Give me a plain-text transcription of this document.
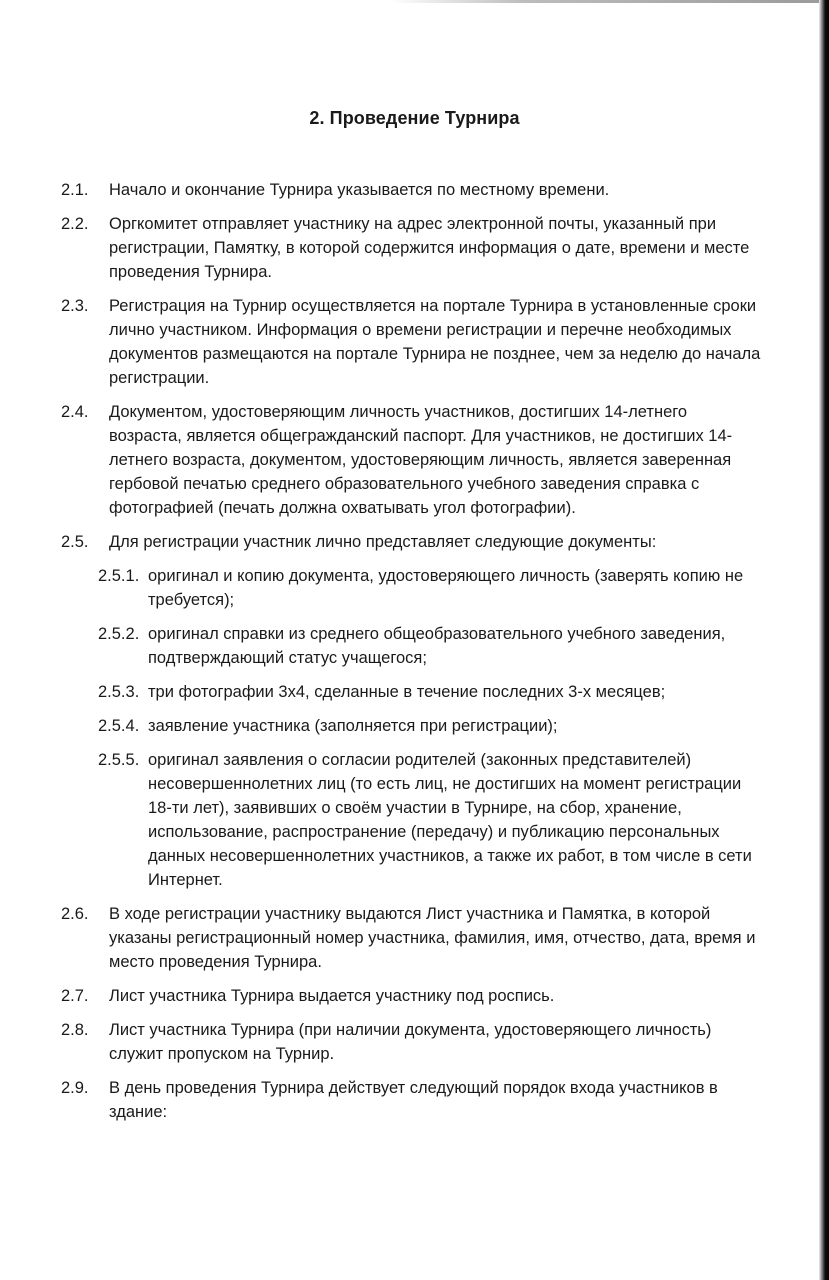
2. Проведение Турнира
2.1. Начало и окончание Турнира указывается по местному времени.
2.2. Оргкомитет отправляет участнику на адрес электронной почты, указанный при регистрации, Памятку, в которой содержится информация о дате, времени и месте проведения Турнира.
2.3. Регистрация на Турнир осуществляется на портале Турнира в установленные сроки лично участником. Информация о времени регистрации и перечне необходимых документов размещаются на портале Турнира не позднее, чем за неделю до начала регистрации.
2.4. Документом, удостоверяющим личность участников, достигших 14-летнего возраста, является общегражданский паспорт. Для участников, не достигших 14-летнего возраста, документом, удостоверяющим личность, является заверенная гербовой печатью среднего образовательного учебного заведения справка с фотографией (печать должна охватывать угол фотографии).
2.5. Для регистрации участник лично представляет следующие документы:
2.5.1. оригинал и копию документа, удостоверяющего личность (заверять копию не требуется);
2.5.2. оригинал справки из среднего общеобразовательного учебного заведения, подтверждающий статус учащегося;
2.5.3. три фотографии 3х4, сделанные в течение последних 3-х месяцев;
2.5.4. заявление участника (заполняется при регистрации);
2.5.5. оригинал заявления о согласии родителей (законных представителей) несовершеннолетних лиц (то есть лиц, не достигших на момент регистрации 18-ти лет), заявивших о своём участии в Турнире, на сбор, хранение, использование, распространение (передачу) и публикацию персональных данных несовершеннолетних участников, а также их работ, в том числе в сети Интернет.
2.6. В ходе регистрации участнику выдаются Лист участника и Памятка, в которой указаны регистрационный номер участника, фамилия, имя, отчество, дата, время и место проведения Турнира.
2.7. Лист участника Турнира выдается участнику под роспись.
2.8. Лист участника Турнира (при наличии документа, удостоверяющего личность) служит пропуском на Турнир.
2.9. В день проведения Турнира действует следующий порядок входа участников в здание:
